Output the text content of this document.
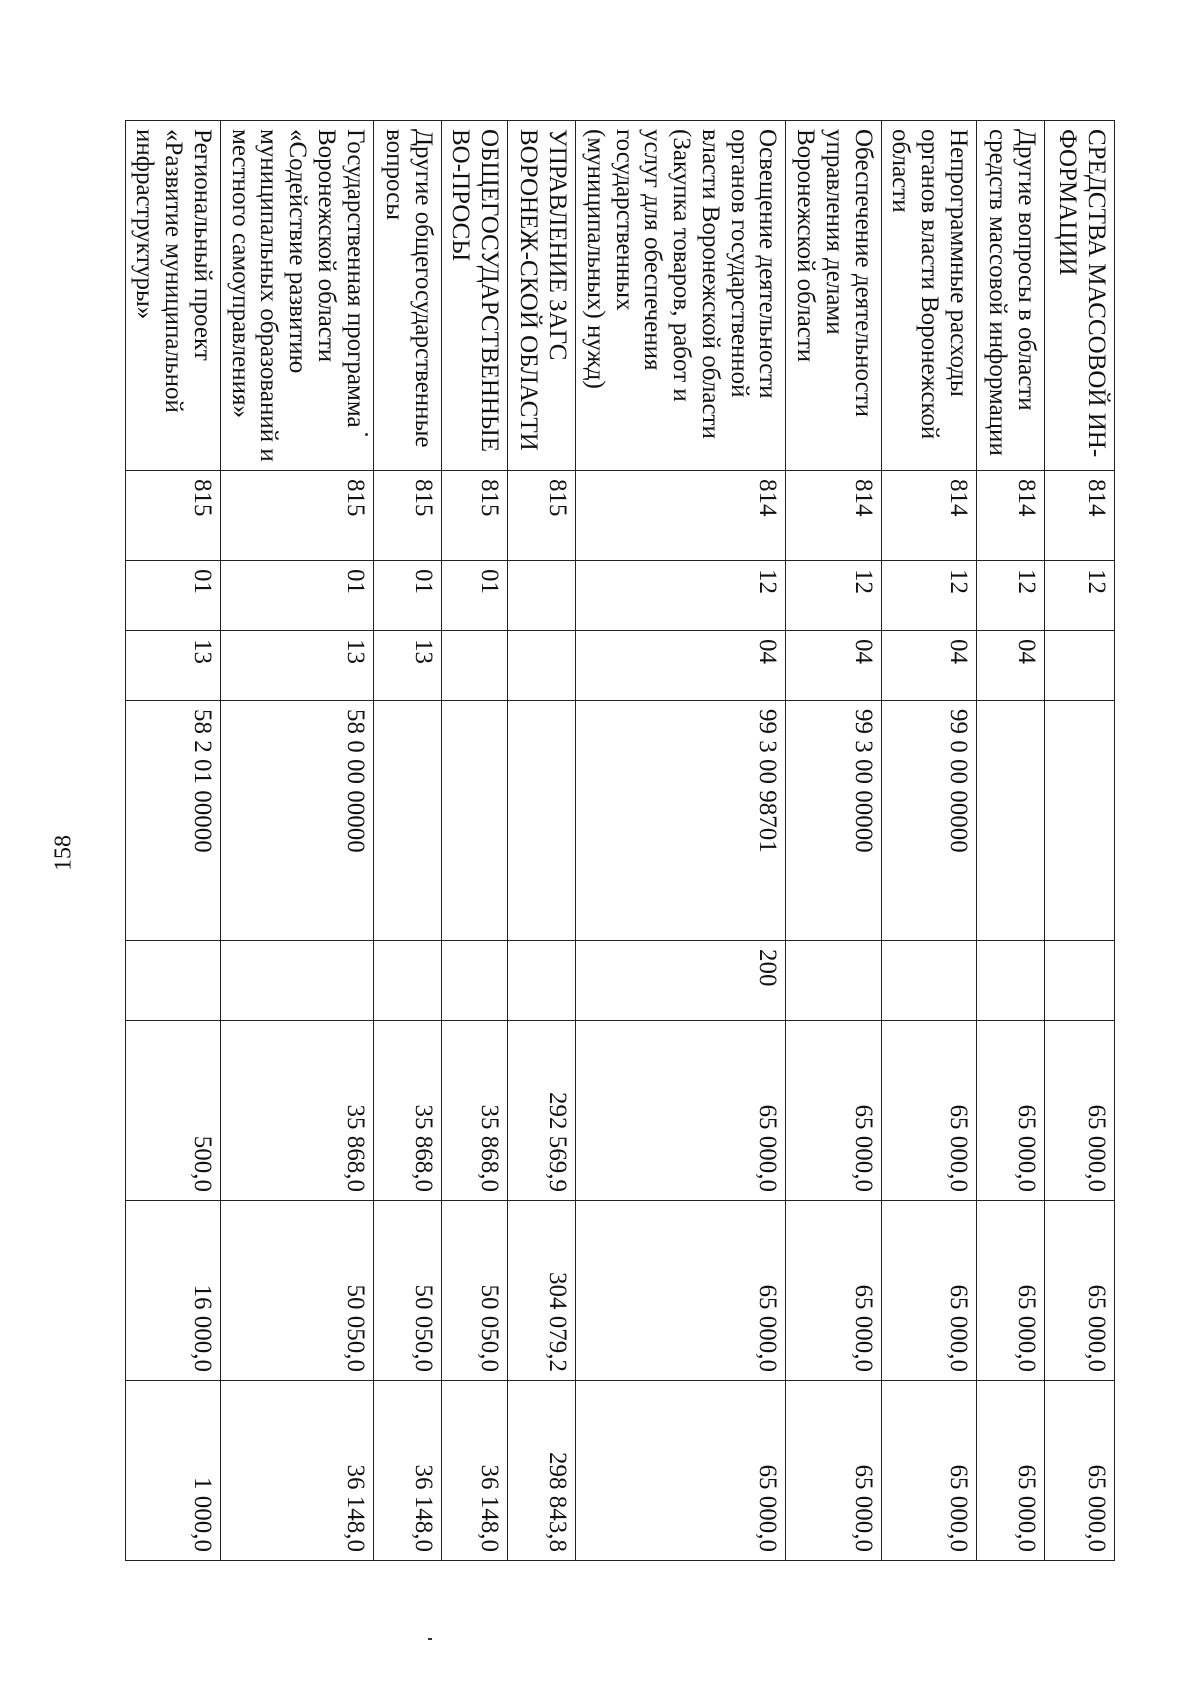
158
СРЕДСТВА МАССОВОЙ ИН-ФОРМАЦИИ	814	12				65 000,0	65 000,0	65 000,0
Другие вопросы в области средств массовой информации	814	12	04			65 000,0	65 000,0	65 000,0
Непрограммные расходы органов власти Воронежской области	814	12	04	99 0 00 00000		65 000,0	65 000,0	65 000,0
Обеспечение деятельности управления делами Воронежской области	814	12	04	99 3 00 00000		65 000,0	65 000,0	65 000,0
Освещение деятельности органов государственной власти Воронежской области (Закупка товаров, работ и услуг для обеспечения государственных (муниципальных) нужд)	814	12	04	99 3 00 98701	200	65 000,0	65 000,0	65 000,0
УПРАВЛЕНИЕ ЗАГС ВОРОНЕЖ-СКОЙ ОБЛАСТИ	815					292 569,9	304 079,2	298 843,8
ОБЩЕГОСУДАРСТВЕННЫЕ ВО-ПРОСЫ	815	01				35 868,0	50 050,0	36 148,0
Другие общегосударственные вопросы	815	01	13			35 868,0	50 050,0	36 148,0
Государственная программа Воронежской области «Содействие развитию муниципальных образований и местного самоуправления»	815	01	13	58 0 00 00000		35 868,0	50 050,0	36 148,0
Региональный проект «Развитие муниципальной инфраструктуры»	815	01	13	58 2 01 00000		500,0	16 000,0	1 000,0
